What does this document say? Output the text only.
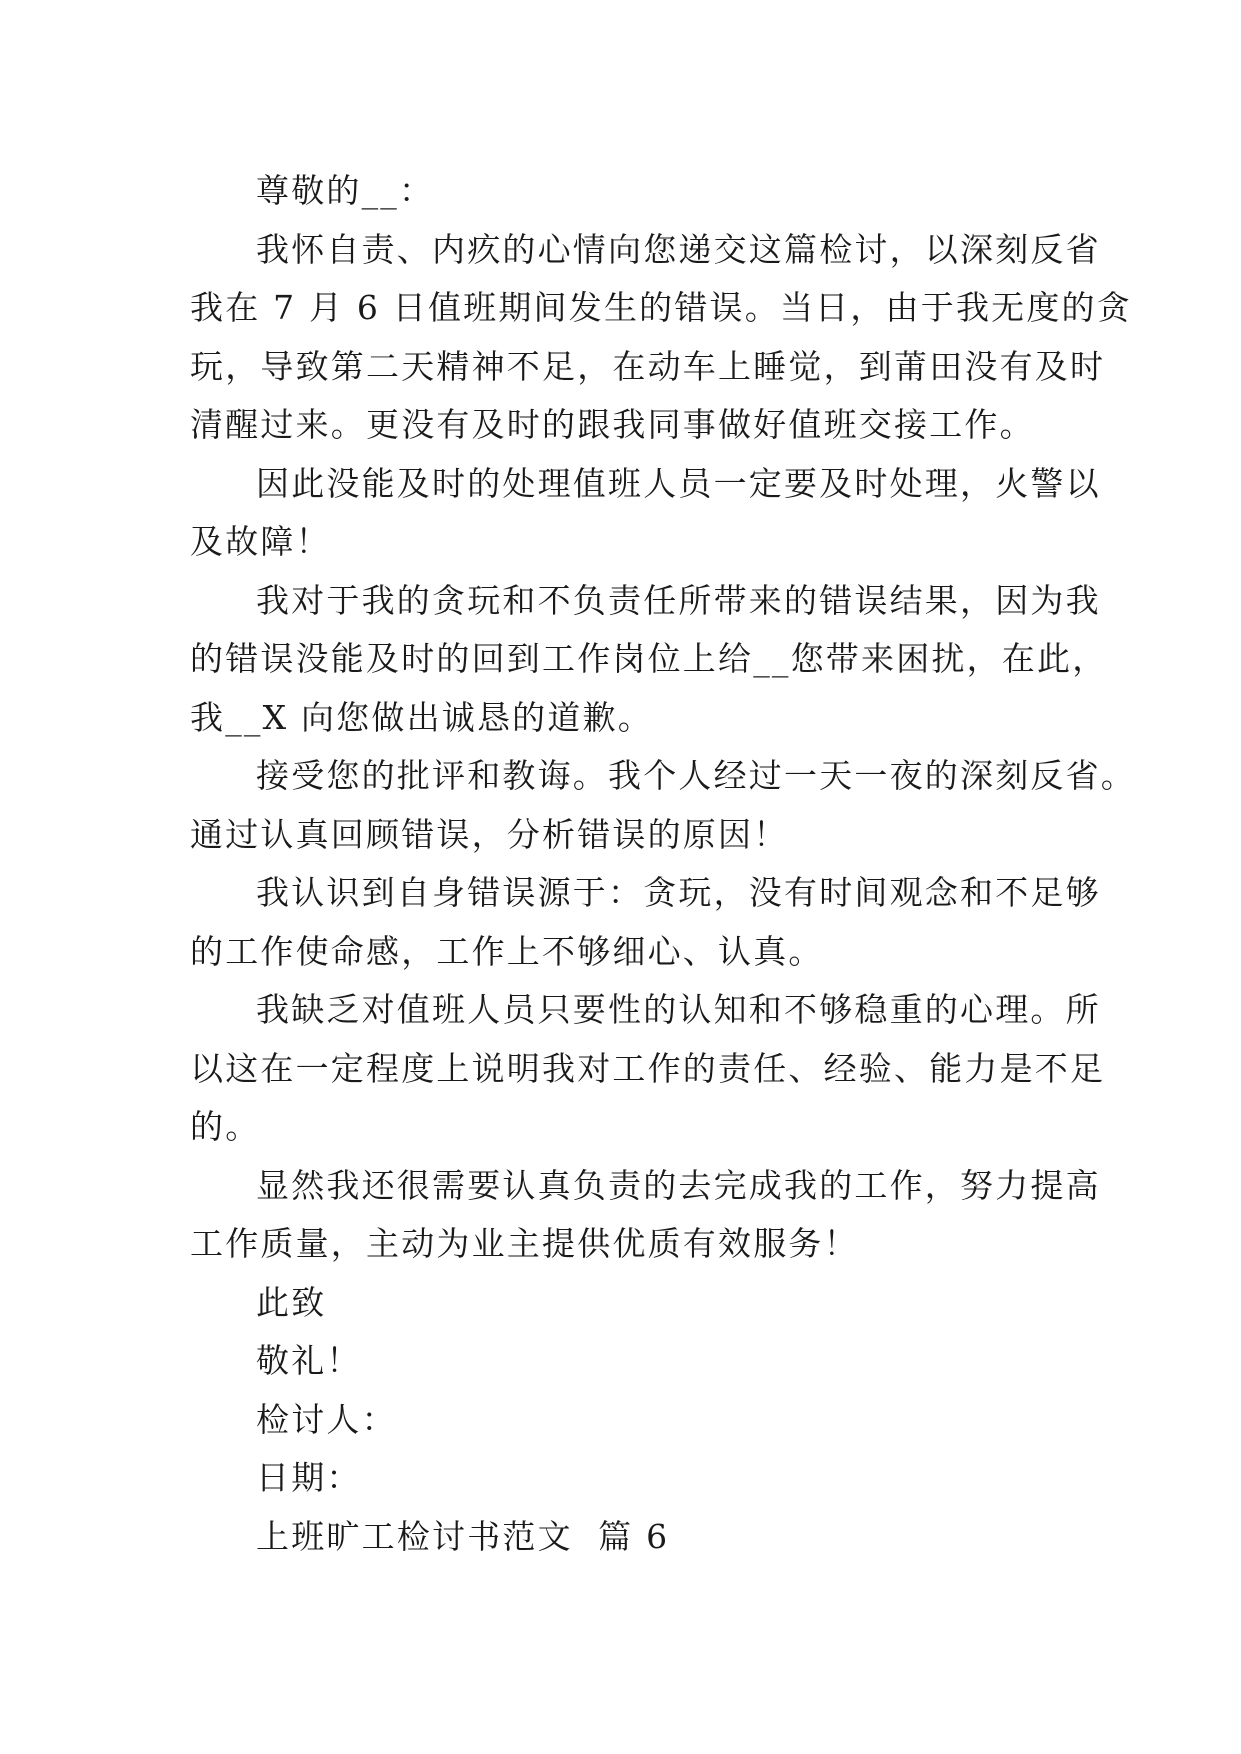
尊敬的__：
我怀自责、内疚的心情向您递交这篇检讨，以深刻反省
我在 7 月 6 日值班期间发生的错误。当日，由于我无度的贪
玩，导致第二天精神不足，在动车上睡觉，到莆田没有及时
清醒过来。更没有及时的跟我同事做好值班交接工作。
因此没能及时的处理值班人员一定要及时处理，火警以
及故障！
我对于我的贪玩和不负责任所带来的错误结果，因为我
的错误没能及时的回到工作岗位上给__您带来困扰，在此，
我__X 向您做出诚恳的道歉。
接受您的批评和教诲。我个人经过一天一夜的深刻反省。
通过认真回顾错误，分析错误的原因！
我认识到自身错误源于：贪玩，没有时间观念和不足够
的工作使命感，工作上不够细心、认真。
我缺乏对值班人员只要性的认知和不够稳重的心理。所
以这在一定程度上说明我对工作的责任、经验、能力是不足
的。
显然我还很需要认真负责的去完成我的工作，努力提高
工作质量，主动为业主提供优质有效服务！
此致
敬礼！
检讨人：
日期：
上班旷工检讨书范文  篇 6
